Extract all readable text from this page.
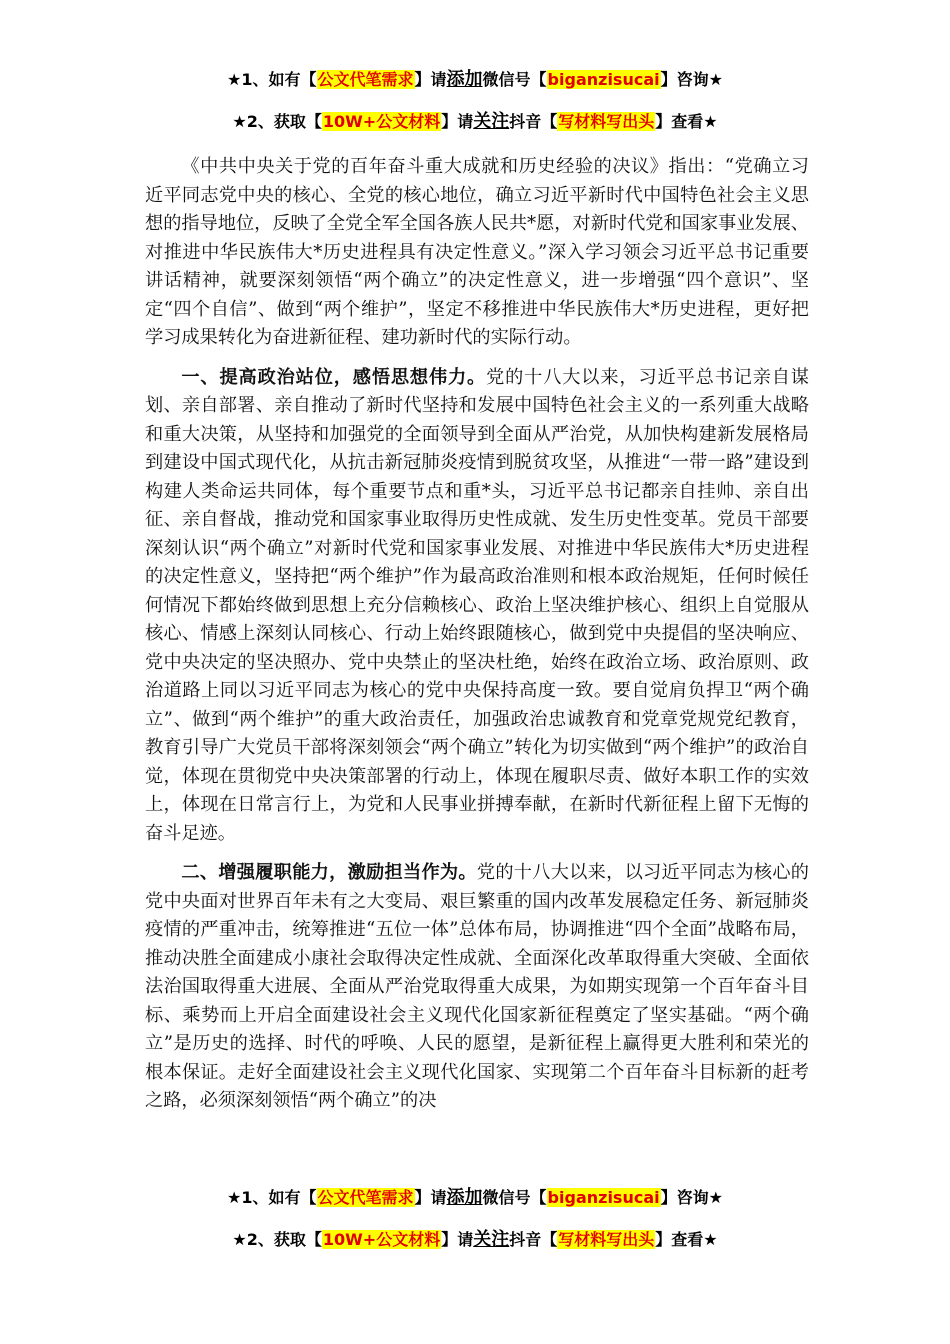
★1、如有【公文代笔需求】请添加微信号【biganzisucai】咨询★
★2、获取【10W+公文材料】请关注抖音【写材料写出头】查看★

《中共中央关于党的百年奋斗重大成就和历史经验的决议》指出：“党确立习近平同志党中央的核心、全党的核心地位，确立习近平新时代中国特色社会主义思想的指导地位，反映了全党全军全国各族人民共*愿，对新时代党和国家事业发展、对推进中华民族伟大*历史进程具有决定性意义。”深入学习领会习近平总书记重要讲话精神，就要深刻领悟“两个确立”的决定性意义，进一步增强“四个意识”、坚定“四个自信”、做到“两个维护”，坚定不移推进中华民族伟大*历史进程，更好把学习成果转化为奋进新征程、建功新时代的实际行动。

一、提高政治站位，感悟思想伟力。党的十八大以来，习近平总书记亲自谋划、亲自部署、亲自推动了新时代坚持和发展中国特色社会主义的一系列重大战略和重大决策，从坚持和加强党的全面领导到全面从严治党，从加快构建新发展格局到建设中国式现代化，从抗击新冠肺炎疫情到脱贫攻坚，从推进“一带一路”建设到构建人类命运共同体，每个重要节点和重*头，习近平总书记都亲自挂帅、亲自出征、亲自督战，推动党和国家事业取得历史性成就、发生历史性变革。党员干部要深刻认识“两个确立”对新时代党和国家事业发展、对推进中华民族伟大*历史进程的决定性意义，坚持把“两个维护”作为最高政治准则和根本政治规矩，任何时候任何情况下都始终做到思想上充分信赖核心、政治上坚决维护核心、组织上自觉服从核心、情感上深刻认同核心、行动上始终跟随核心，做到党中央提倡的坚决响应、党中央决定的坚决照办、党中央禁止的坚决杜绝，始终在政治立场、政治原则、政治道路上同以习近平同志为核心的党中央保持高度一致。要自觉肩负捍卫“两个确立”、做到“两个维护”的重大政治责任，加强政治忠诚教育和党章党规党纪教育，教育引导广大党员干部将深刻领会“两个确立”转化为切实做到“两个维护”的政治自觉，体现在贯彻党中央决策部署的行动上，体现在履职尽责、做好本职工作的实效上，体现在日常言行上，为党和人民事业拼搏奉献，在新时代新征程上留下无悔的奋斗足迹。

二、增强履职能力，激励担当作为。党的十八大以来，以习近平同志为核心的党中央面对世界百年未有之大变局、艰巨繁重的国内改革发展稳定任务、新冠肺炎疫情的严重冲击，统筹推进“五位一体”总体布局，协调推进“四个全面”战略布局，推动决胜全面建成小康社会取得决定性成就、全面深化改革取得重大突破、全面依法治国取得重大进展、全面从严治党取得重大成果，为如期实现第一个百年奋斗目标、乘势而上开启全面建设社会主义现代化国家新征程奠定了坚实基础。“两个确立”是历史的选择、时代的呼唤、人民的愿望，是新征程上赢得更大胜利和荣光的根本保证。走好全面建设社会主义现代化国家、实现第二个百年奋斗目标新的赶考之路，必须深刻领悟“两个确立”的决

★1、如有【公文代笔需求】请添加微信号【biganzisucai】咨询★
★2、获取【10W+公文材料】请关注抖音【写材料写出头】查看★
